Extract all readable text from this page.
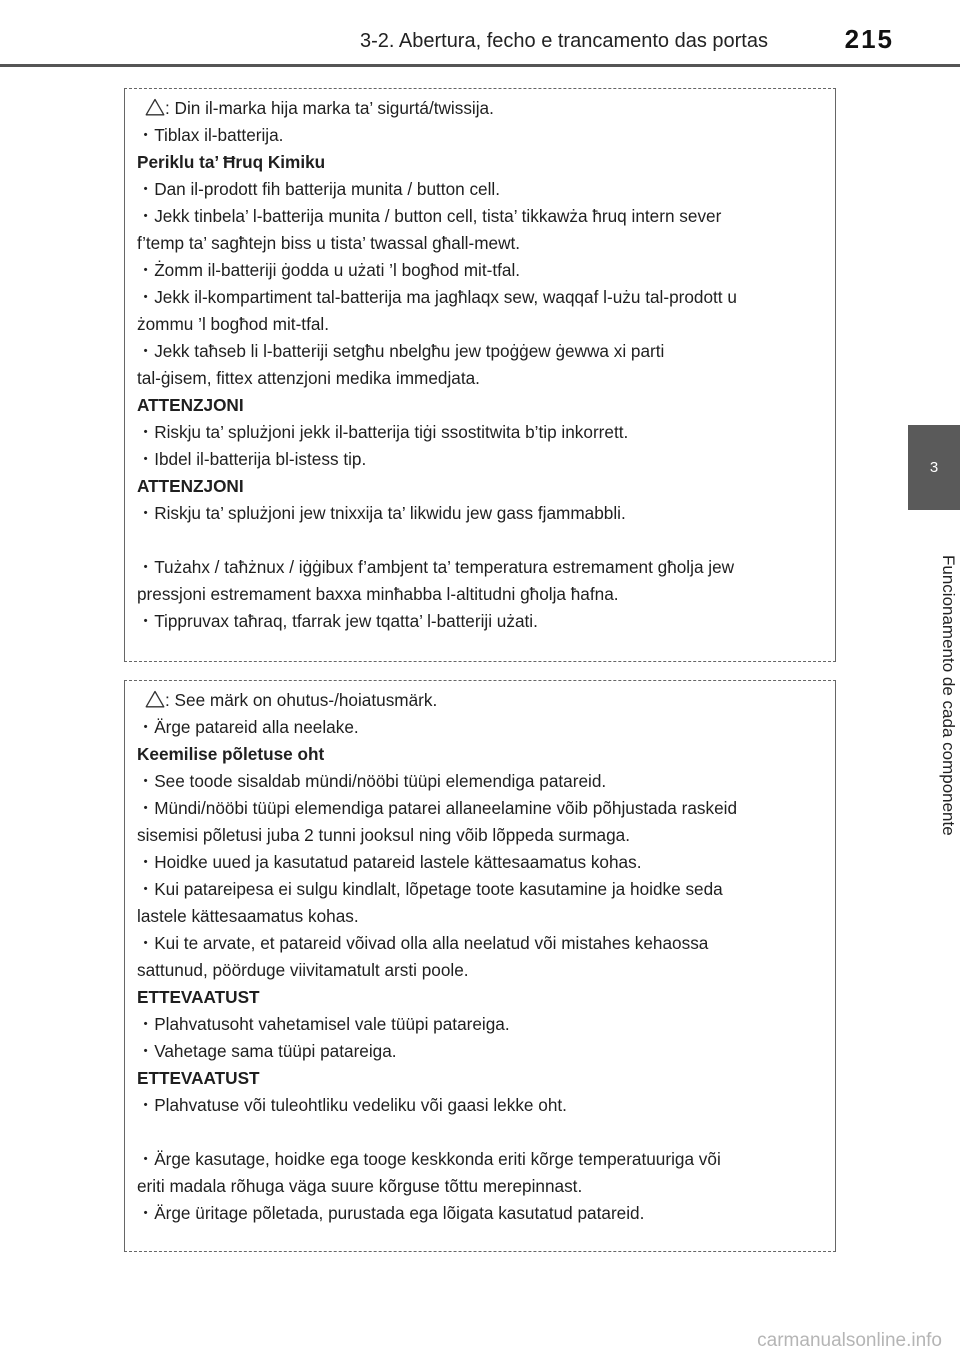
3-2. Abertura, fecho e trancamento das portas	215
3
Funcionamento de cada componente
: Din il-marka hija marka ta’ sigurtá/twissija.
・Tiblax il-batterija.
Periklu ta’ Ħruq Kimiku
・Dan il-prodott fih batterija munita / button cell.
・Jekk tinbela’ l-batterija munita / button cell, tista’ tikkawża ħruq intern sever
f’temp ta’ sagħtejn biss u tista’ twassal għall-mewt.
・Żomm il-batteriji ġodda u użati ’l bogħod mit-tfal.
・Jekk il-kompartiment tal-batterija ma jagħlaqx sew, waqqaf l-użu tal-prodott u
żommu ’l bogħod mit-tfal.
・Jekk taħseb li l-batteriji setgħu nbelgħu jew tpoġġew ġewwa xi parti
tal-ġisem, fittex attenzjoni medika immedjata.
ATTENZJONI
・Riskju ta’ splużjoni jekk il-batterija tiġi ssostitwita b’tip inkorrett.
・Ibdel il-batterija bl-istess tip.
ATTENZJONI
・Riskju ta’ splużjoni jew tnixxija ta’ likwidu jew gass fjammabbli.
・Tużahx / taħżnux / iġġibux f’ambjent ta’ temperatura estremament għolja jew
pressjoni estremament baxxa minħabba l-altitudni għolja ħafna.
・Tippruvax taħraq, tfarrak jew tqatta’ l-batteriji użati.
: See märk on ohutus-/hoiatusmärk.
・Ärge patareid alla neelake.
Keemilise põletuse oht
・See toode sisaldab mündi/nööbi tüüpi elemendiga patareid.
・Mündi/nööbi tüüpi elemendiga patarei allaneelamine võib põhjustada raskeid
sisemisi põletusi juba 2 tunni jooksul ning võib lõppeda surmaga.
・Hoidke uued ja kasutatud patareid lastele kättesaamatus kohas.
・Kui patareipesa ei sulgu kindlalt, lõpetage toote kasutamine ja hoidke seda
lastele kättesaamatus kohas.
・Kui te arvate, et patareid võivad olla alla neelatud või mistahes kehaossa
sattunud, pöörduge viivitamatult arsti poole.
ETTEVAATUST
・Plahvatusoht vahetamisel vale tüüpi patareiga.
・Vahetage sama tüüpi patareiga.
ETTEVAATUST
・Plahvatuse või tuleohtliku vedeliku või gaasi lekke oht.
・Ärge kasutage, hoidke ega tooge keskkonda eriti kõrge temperatuuriga või
eriti madala rõhuga väga suure kõrguse tõttu merepinnast.
・Ärge üritage põletada, purustada ega lõigata kasutatud patareid.
carmanualsonline.info
